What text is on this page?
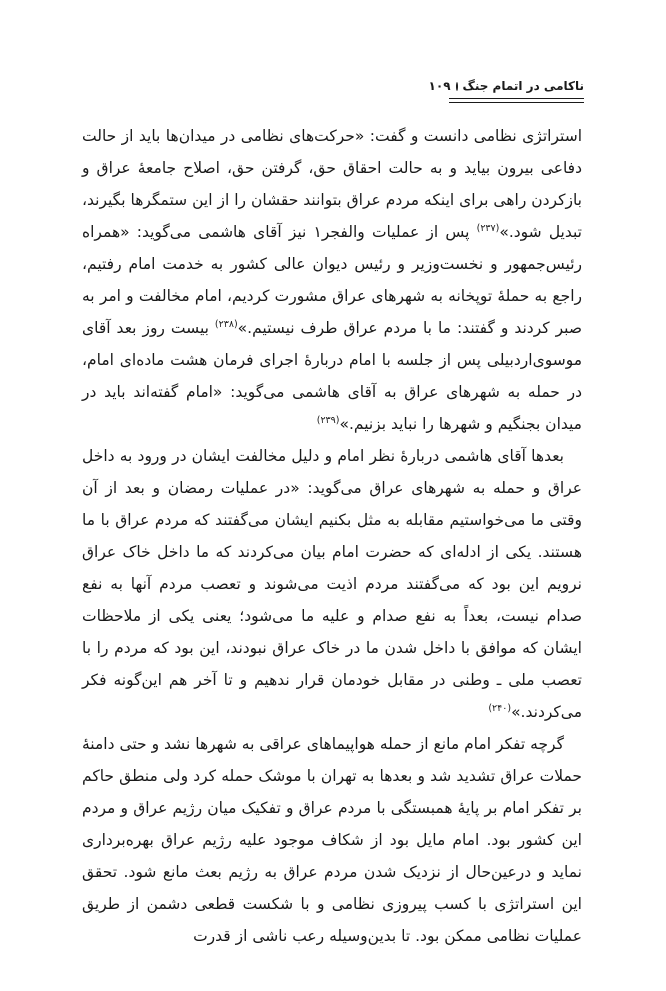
ناکامی در اتمام جنگ
۱۰۹

استراتژی نظامی دانست و گفت: «حرکت‌های نظامی در میدان‌ها باید از حالت دفاعی بیرون بیاید و به حالت احقاق حق، گرفتن حق، اصلاح جامعهٔ عراق و بازکردن راهی برای اینکه مردم عراق بتوانند حقشان را از این ستمگرها بگیرند، تبدیل شود.»$^{(۲۳۷)}$ پس از عملیات والفجر۱ نیز آقای هاشمی می‌گوید: «همراه رئیس‌جمهور و نخست‌وزیر و رئیس دیوان عالی کشور به خدمت امام رفتیم، راجع به حملهٔ توپخانه به شهرهای عراق مشورت کردیم، امام مخالفت و امر به صبر کردند و گفتند: ما با مردم عراق طرف نیستیم.»$^{(۲۳۸)}$ بیست روز بعد آقای موسوی‌اردبیلی پس از جلسه با امام دربارهٔ اجرای فرمان هشت ماده‌ای امام، در حمله به شهرهای عراق به آقای هاشمی می‌گوید: «امام گفته‌اند باید در میدان بجنگیم و شهرها را نباید بزنیم.»$^{(۲۳۹)}$

بعدها آقای هاشمی دربارهٔ نظر امام و دلیل مخالفت ایشان در ورود به داخل عراق و حمله به شهرهای عراق می‌گوید: «در عملیات رمضان و بعد از آن وقتی ما می‌خواستیم مقابله به مثل بکنیم ایشان می‌گفتند که مردم عراق با ما هستند. یکی از ادله‌ای که حضرت امام بیان می‌کردند که ما داخل خاک عراق نرویم این بود که می‌گفتند مردم اذیت می‌شوند و تعصب مردم آنها به نفع صدام نیست، بعداً به نفع صدام و علیه ما می‌شود؛ یعنی یکی از ملاحظات ایشان که موافق با داخل شدن ما در خاک عراق نبودند، این بود که مردم را با تعصب ملی ـ وطنی در مقابل خودمان قرار ندهیم و تا آخر هم این‌گونه فکر می‌کردند.»$^{(۲۴۰)}$

گرچه تفکر امام مانع از حمله هواپیماهای عراقی به شهرها نشد و حتی دامنهٔ حملات عراق تشدید شد و بعدها به تهران با موشک حمله کرد ولی منطق حاکم بر تفکر امام بر پایهٔ همبستگی با مردم عراق و تفکیک میان رژیم عراق و مردم این کشور بود. امام مایل بود از شکاف موجود علیه رژیم عراق بهره‌برداری نماید و درعین‌حال از نزدیک شدن مردم عراق به رژیم بعث مانع شود. تحقق این استراتژی با کسب پیروزی نظامی و با شکست قطعی دشمن از طریق عملیات نظامی ممکن بود. تا بدین‌وسیله رعب ناشی از قدرت
